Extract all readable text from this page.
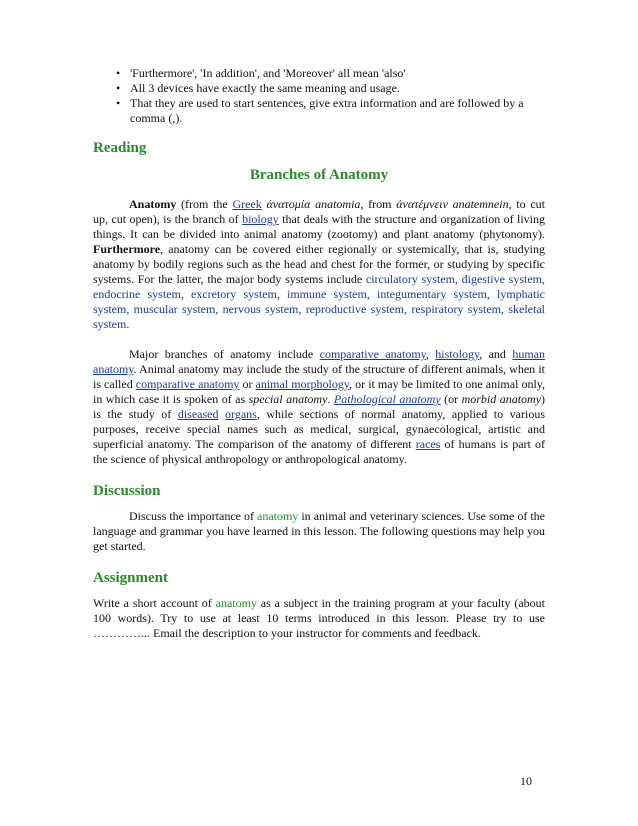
• 'Furthermore', 'In addition', and 'Moreover' all mean 'also'
• All 3 devices have exactly the same meaning and usage.
• That they are used to start sentences, give extra information and are followed by a comma (,).
Reading
Branches of Anatomy

Anatomy (from the Greek ἀνατομία anatomia, from ἀνατέμνειν anatemnein, to cut up, cut open), is the branch of biology that deals with the structure and organization of living things. It can be divided into animal anatomy (zootomy) and plant anatomy (phytonomy). Furthermore, anatomy can be covered either regionally or systemically, that is, studying anatomy by bodily regions such as the head and chest for the former, or studying by specific systems. For the latter, the major body systems include circulatory system, digestive system, endocrine system, excretory system, immune system, integumentary system, lymphatic system, muscular system, nervous system, reproductive system, respiratory system, skeletal system.

Major branches of anatomy include comparative anatomy, histology, and human anatomy. Animal anatomy may include the study of the structure of different animals, when it is called comparative anatomy or animal morphology, or it may be limited to one animal only, in which case it is spoken of as special anatomy. Pathological anatomy (or morbid anatomy) is the study of diseased organs, while sections of normal anatomy, applied to various purposes, receive special names such as medical, surgical, gynaecological, artistic and superficial anatomy. The comparison of the anatomy of different races of humans is part of the science of physical anthropology or anthropological anatomy.

Discussion

Discuss the importance of anatomy in animal and veterinary sciences. Use some of the language and grammar you have learned in this lesson. The following questions may help you get started.

Assignment

Write a short account of anatomy as a subject in the training program at your faculty (about 100 words). Try to use at least 10 terms introduced in this lesson. Please try to use …………... Email the description to your instructor for comments and feedback.

10
